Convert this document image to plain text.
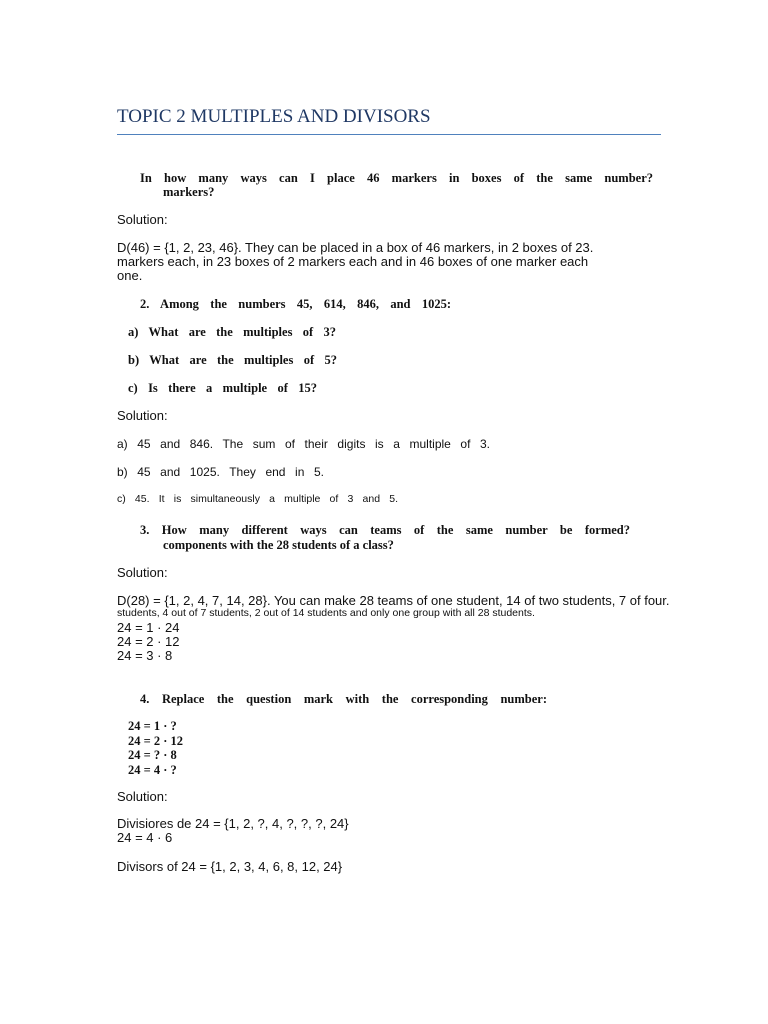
TOPIC 2 MULTIPLES AND DIVISORS
In how many ways can I place 46 markers in boxes of the same number?
markers?
Solution:
D(46) = {1, 2, 23, 46}. They can be placed in a box of 46 markers, in 2 boxes of 23.
markers each, in 23 boxes of 2 markers each and in 46 boxes of one marker each
one.
2. Among the numbers 45, 614, 846, and 1025:
a) What are the multiples of 3?
b) What are the multiples of 5?
c) Is there a multiple of 15?
Solution:
a) 45 and 846. The sum of their digits is a multiple of 3.
b) 45 and 1025. They end in 5.
c) 45. It is simultaneously a multiple of 3 and 5.
3. How many different ways can teams of the same number be formed?
components with the 28 students of a class?
Solution:
D(28) = {1, 2, 4, 7, 14, 28}. You can make 28 teams of one student, 14 of two students, 7 of four.
students, 4 out of 7 students, 2 out of 14 students and only one group with all 28 students.
24 = 1 · 24
24 = 2 · 12
24 = 3 · 8
4. Replace the question mark with the corresponding number:
24 = 1 · ?
24 = 2 · 12
24 = ? · 8
24 = 4 · ?
Solution:
Divisiores de 24 = {1, 2, ?, 4, ?, ?, ?, 24}
24 = 4 · 6
Divisors of 24 = {1, 2, 3, 4, 6, 8, 12, 24}
